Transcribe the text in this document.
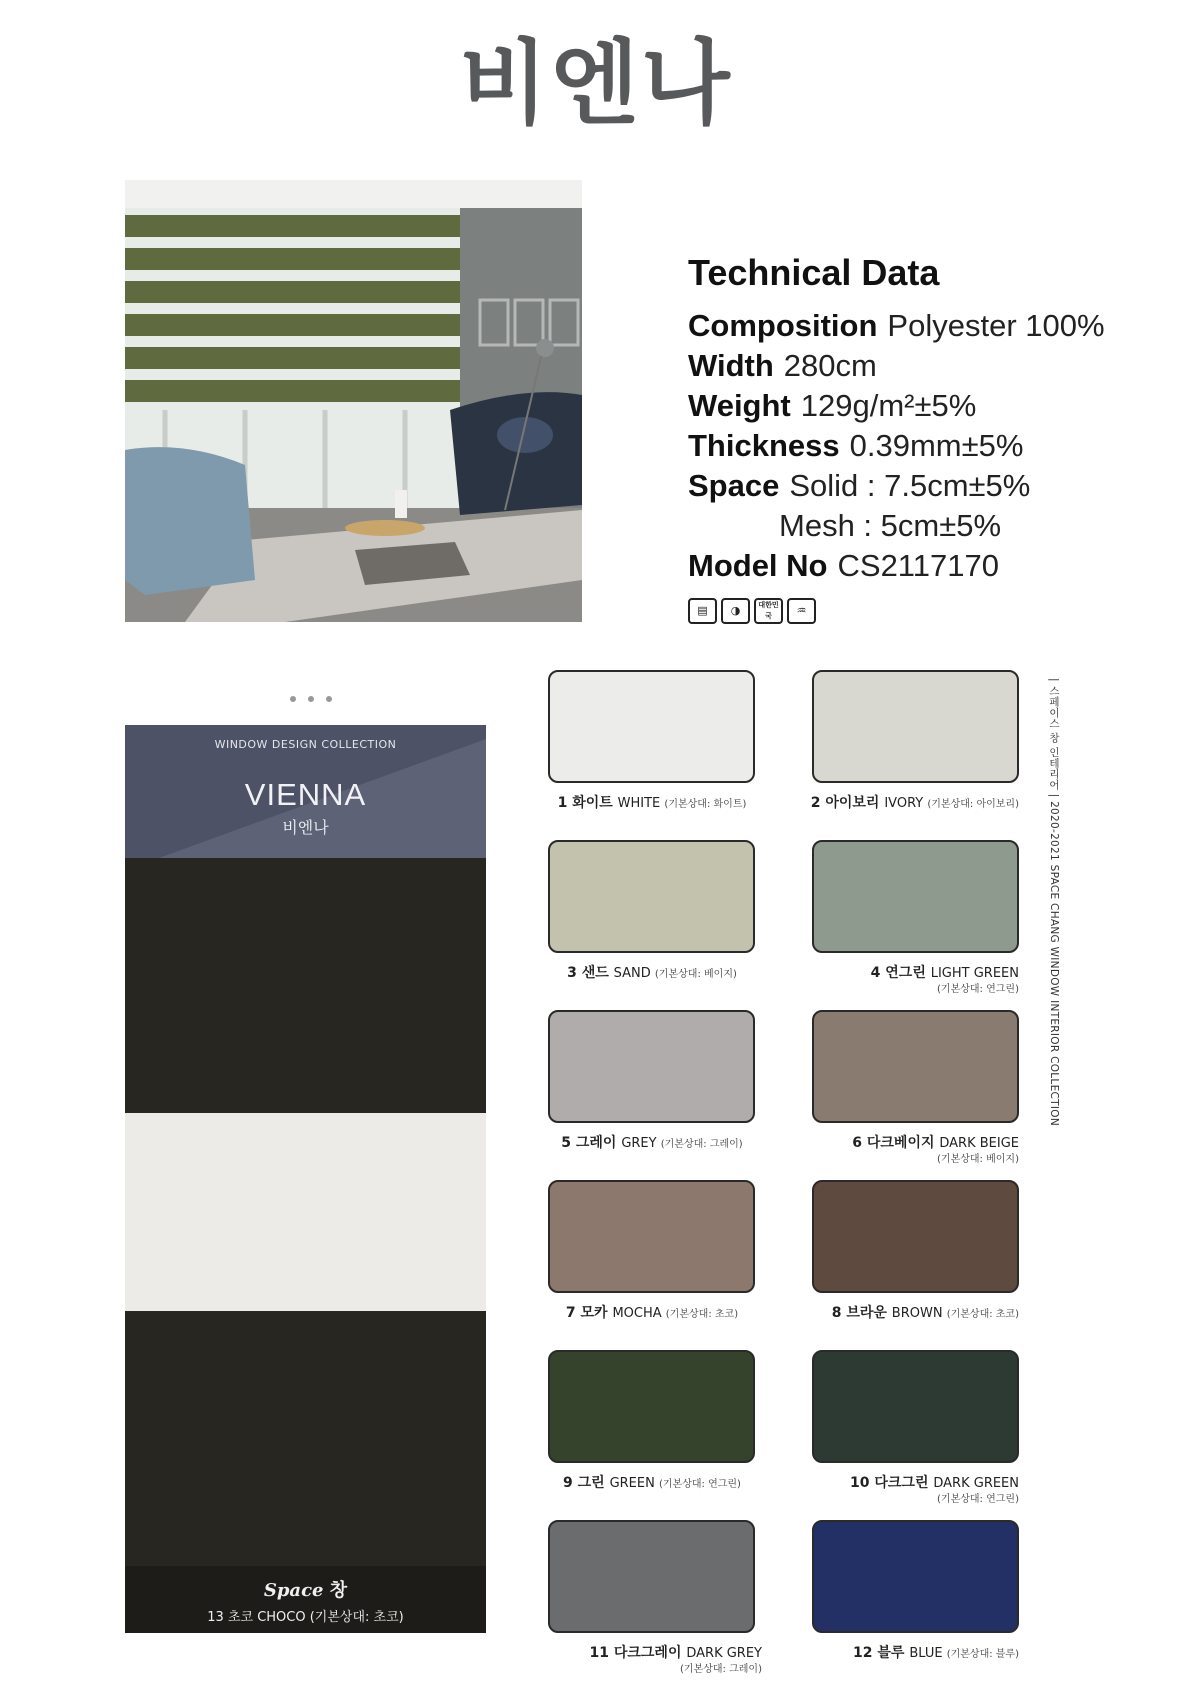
비엔나
Technical Data
Composition Polyester 100%
Width 280cm
Weight 129g/m²±5%
Thickness 0.39mm±5%
Space Solid : 7.5cm±5%
Mesh : 5cm±5%
Model No CS2117170
▤	◑	대한민국	♒
WINDOW DESIGN COLLECTION
VIENNA
비엔나
Space 창
13 초코 CHOCO (기본상대: 초코)
1 화이트 WHITE (기본상대: 화이트)	2 아이보리 IVORY (기본상대: 아이보리)
3 샌드 SAND (기본상대: 베이지)	4 연그린 LIGHT GREEN
(기본상대: 연그린)
5 그레이 GREY (기본상대: 그레이)	6 다크베이지 DARK BEIGE
(기본상대: 베이지)
7 모카 MOCHA (기본상대: 초코)	8 브라운 BROWN (기본상대: 초코)
9 그린 GREEN (기본상대: 연그린)	10 다크그린 DARK GREEN
(기본상대: 연그린)
11 다크그레이 DARK GREY
(기본상대: 그레이)
12 블루 BLUE (기본상대: 블루)
| 스페이스 창 인테리어 | 2020-2021 SPACE CHANG WINDOW INTERIOR COLLECTION
